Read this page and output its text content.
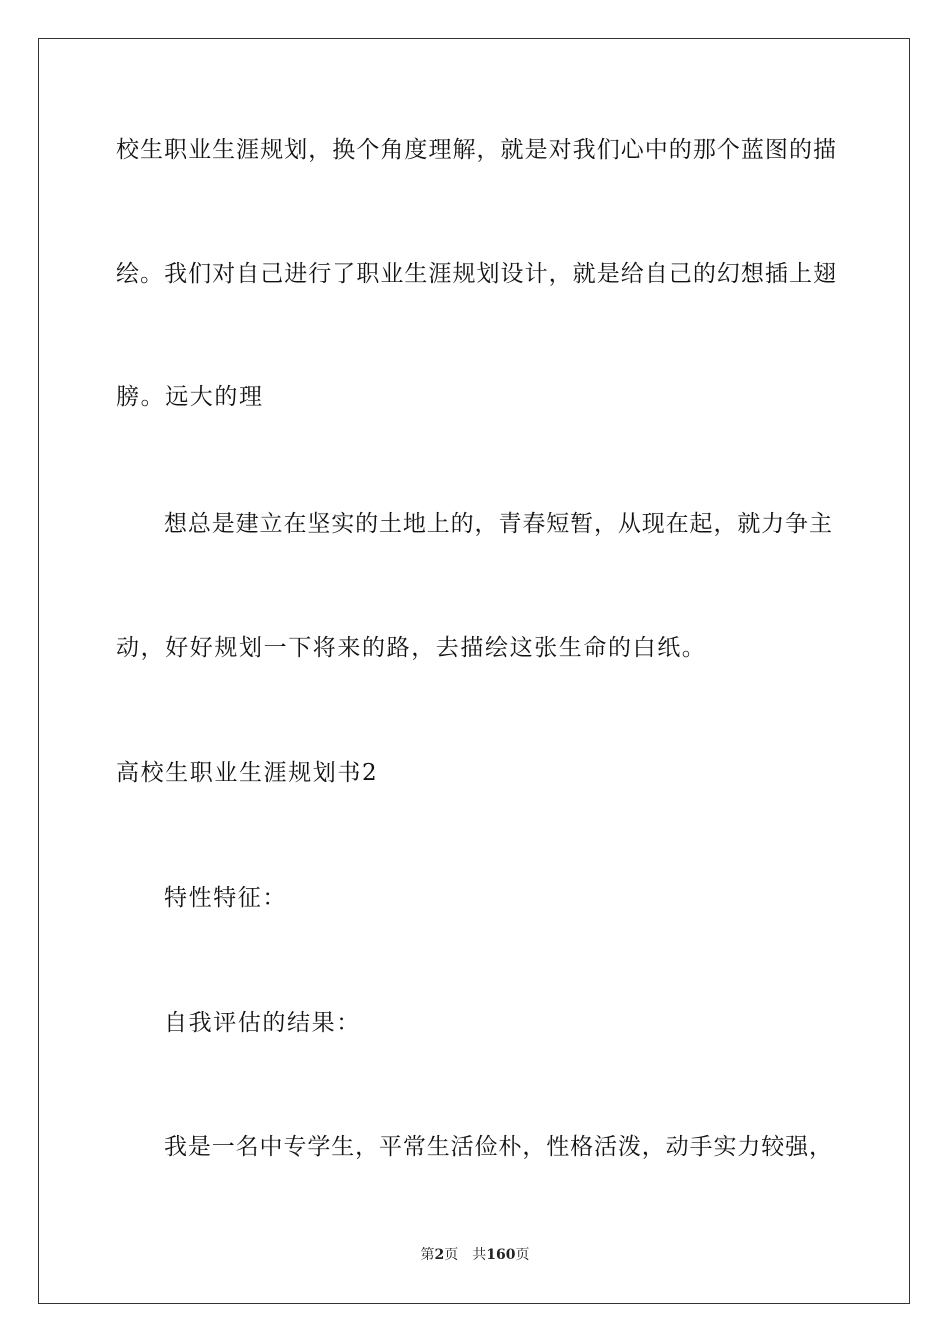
校生职业生涯规划，换个角度理解，就是对我们心中的那个蓝图的描
绘。我们对自己进行了职业生涯规划设计，就是给自己的幻想插上翅
膀。远大的理
想总是建立在坚实的土地上的，青春短暂，从现在起，就力争主
动，好好规划一下将来的路，去描绘这张生命的白纸。
高校生职业生涯规划书2
特性特征：
自我评估的结果：
我是一名中专学生，平常生活俭朴，性格活泼，动手实力较强，
第2页 共160页
